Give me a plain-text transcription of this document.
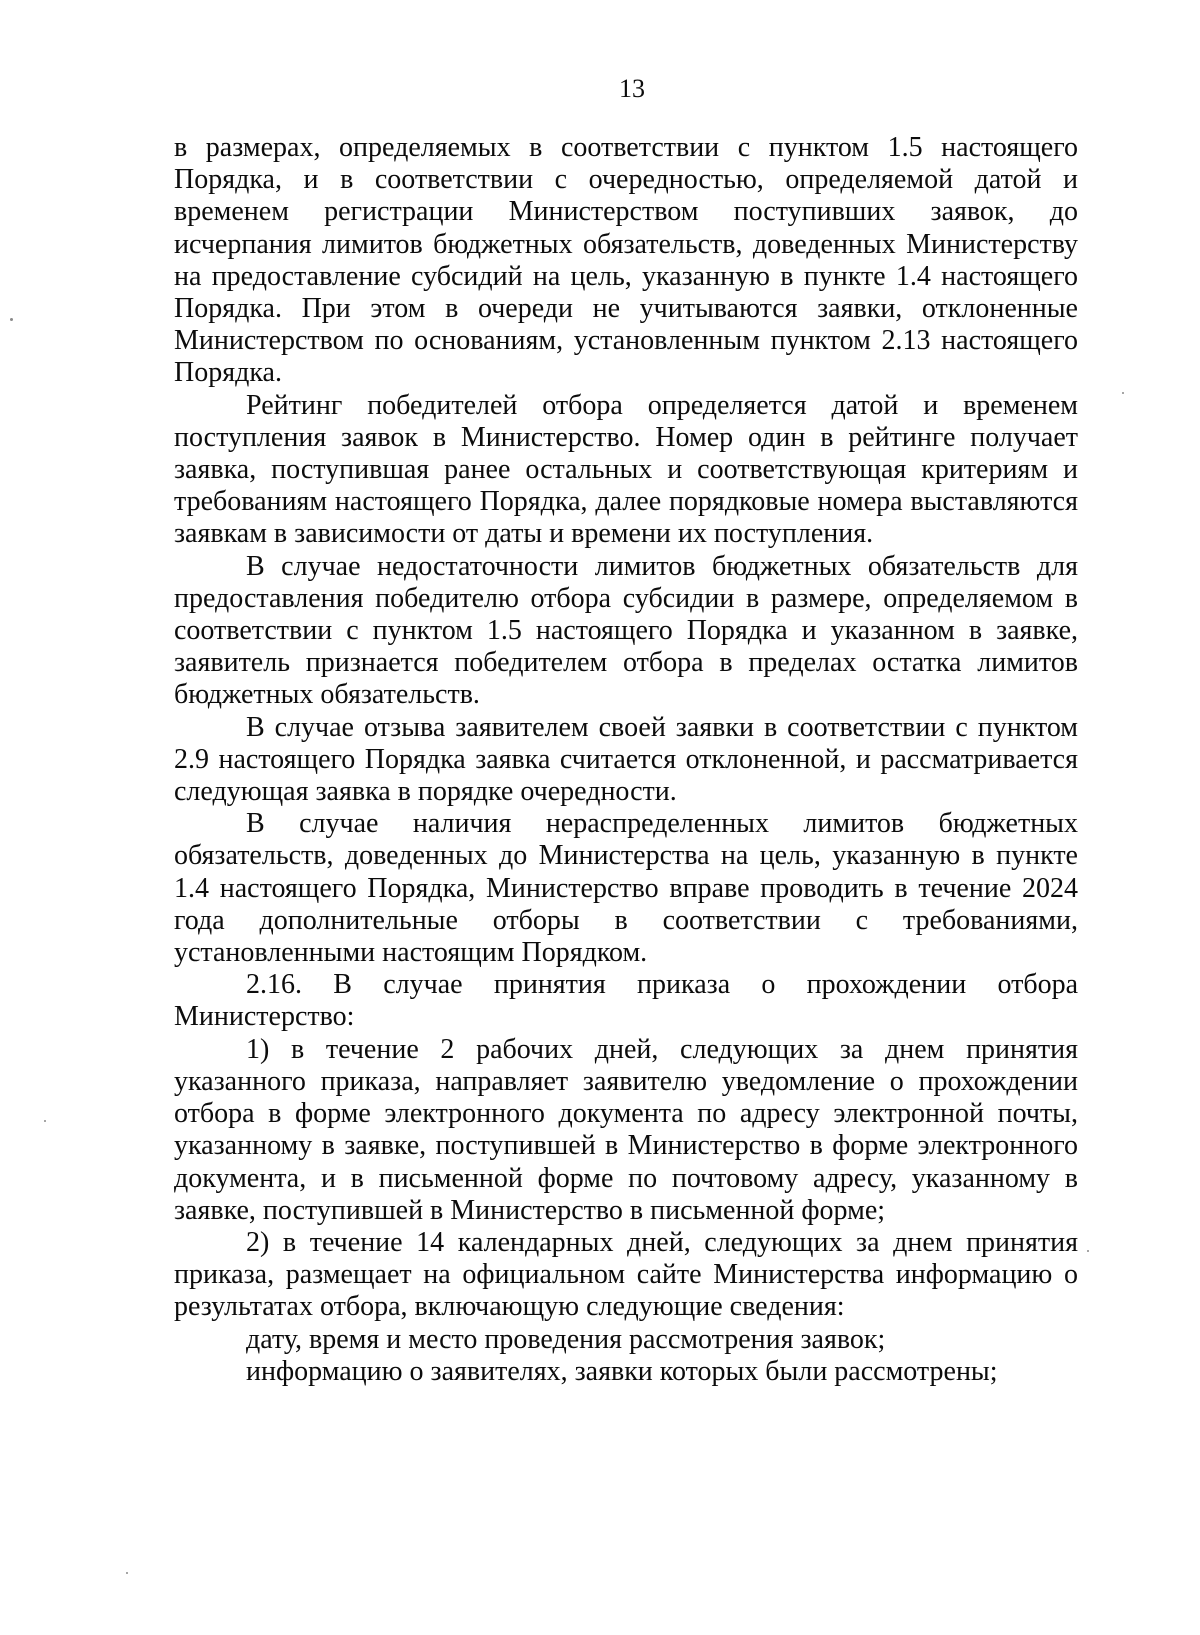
13

в размерах, определяемых в соответствии с пунктом 1.5 настоящего Порядка, и в соответствии с очередностью, определяемой датой и временем регистрации Министерством поступивших заявок, до исчерпания лимитов бюджетных обязательств, доведенных Министерству на предоставление субсидий на цель, указанную в пункте 1.4 настоящего Порядка. При этом в очереди не учитываются заявки, отклоненные Министерством по основаниям, установленным пунктом 2.13 настоящего Порядка.

Рейтинг победителей отбора определяется датой и временем поступления заявок в Министерство. Номер один в рейтинге получает заявка, поступившая ранее остальных и соответствующая критериям и требованиям настоящего Порядка, далее порядковые номера выставляются заявкам в зависимости от даты и времени их поступления.

В случае недостаточности лимитов бюджетных обязательств для предоставления победителю отбора субсидии в размере, определяемом в соответствии с пунктом 1.5 настоящего Порядка и указанном в заявке, заявитель признается победителем отбора в пределах остатка лимитов бюджетных обязательств.

В случае отзыва заявителем своей заявки в соответствии с пунктом 2.9 настоящего Порядка заявка считается отклоненной, и рассматривается следующая заявка в порядке очередности.

В случае наличия нераспределенных лимитов бюджетных обязательств, доведенных до Министерства на цель, указанную в пункте 1.4 настоящего Порядка, Министерство вправе проводить в течение 2024 года дополнительные отборы в соответствии с требованиями, установленными настоящим Порядком.

2.16. В случае принятия приказа о прохождении отбора Министерство:

1) в течение 2 рабочих дней, следующих за днем принятия указанного приказа, направляет заявителю уведомление о прохождении отбора в форме электронного документа по адресу электронной почты, указанному в заявке, поступившей в Министерство в форме электронного документа, и в письменной форме по почтовому адресу, указанному в заявке, поступившей в Министерство в письменной форме;

2) в течение 14 календарных дней, следующих за днем принятия приказа, размещает на официальном сайте Министерства информацию о результатах отбора, включающую следующие сведения:

дату, время и место проведения рассмотрения заявок;

информацию о заявителях, заявки которых были рассмотрены;
